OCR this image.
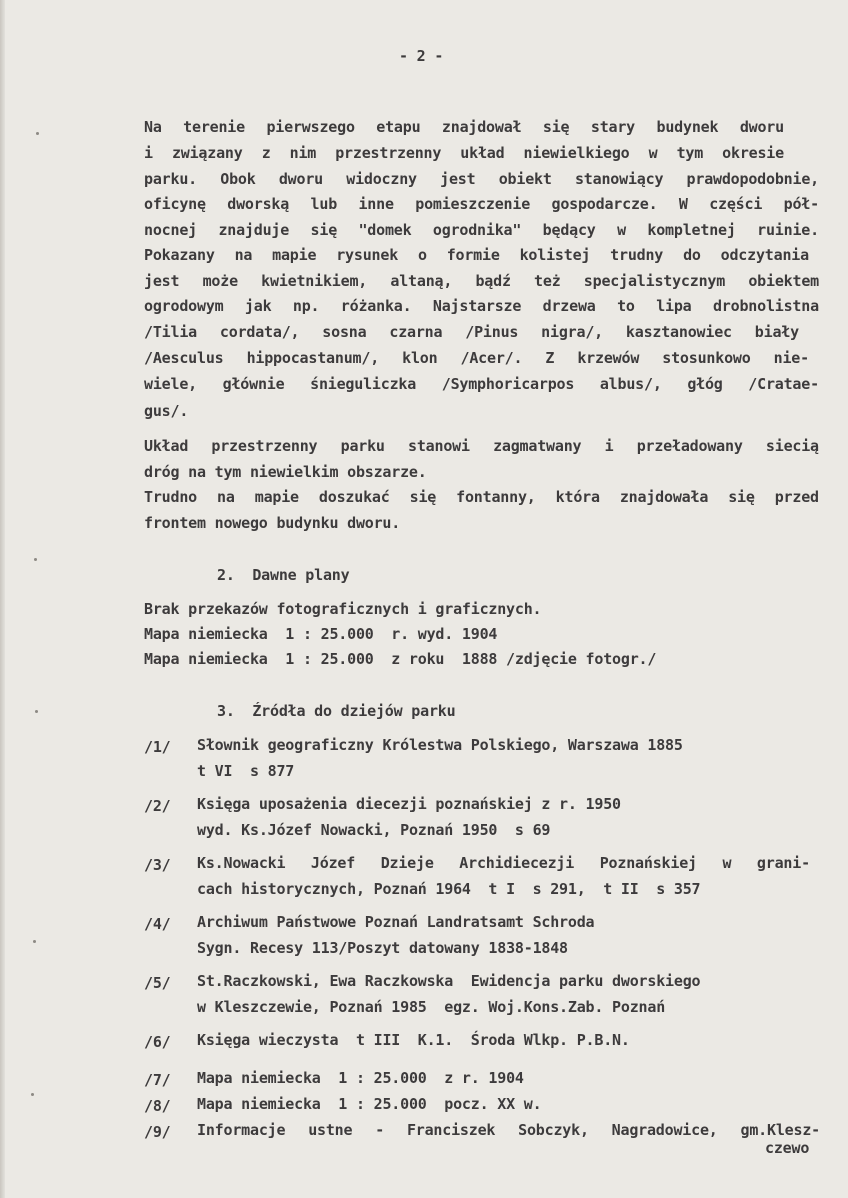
- 2 -
Na terenie pierwszego etapu znajdował się stary budynek dworu
i związany z nim przestrzenny układ niewielkiego w tym okresie
parku. Obok dworu widoczny jest obiekt stanowiący prawdopodobnie,
oficynę dworską lub inne pomieszczenie gospodarcze. W części pół-
nocnej znajduje się "domek ogrodnika" będący w kompletnej ruinie.
Pokazany na mapie rysunek o formie kolistej trudny do odczytania
jest może kwietnikiem, altaną, bądź też specjalistycznym obiektem
ogrodowym jak np. różanka. Najstarsze drzewa to lipa drobnolistna
/Tilia cordata/, sosna czarna /Pinus nigra/, kasztanowiec biały
/Aesculus hippocastanum/, klon /Acer/. Z krzewów stosunkowo nie-
wiele, głównie śnieguliczka /Symphoricarpos albus/, głóg /Cratae-
gus/.
Układ przestrzenny parku stanowi zagmatwany i przeładowany siecią
dróg na tym niewielkim obszarze.
Trudno na mapie doszukać się fontanny, która znajdowała się przed
frontem nowego budynku dworu.
2.  Dawne plany
Brak przekazów fotograficznych i graficznych.
Mapa niemiecka  1 : 25.000  r. wyd. 1904
Mapa niemiecka  1 : 25.000  z roku  1888 /zdjęcie fotogr./
3.  Źródła do dziejów parku
/1/ Słownik geograficzny Królestwa Polskiego, Warszawa 1885
t VI  s 877
/2/ Księga uposażenia diecezji poznańskiej z r. 1950
wyd. Ks.Józef Nowacki, Poznań 1950  s 69
/3/ Ks.Nowacki Józef Dzieje Archidiecezji Poznańskiej w grani-
cach historycznych, Poznań 1964  t I  s 291,  t II  s 357
/4/ Archiwum Państwowe Poznań Landratsamt Schroda
Sygn. Recesy 113/Poszyt datowany 1838-1848
/5/ St.Raczkowski, Ewa Raczkowska  Ewidencja parku dworskiego
w Kleszczewie, Poznań 1985  egz. Woj.Kons.Zab. Poznań
/6/ Księga wieczysta  t III  K.1.  Środa Wlkp. P.B.N.
/7/ Mapa niemiecka  1 : 25.000  z r. 1904
/8/ Mapa niemiecka  1 : 25.000  pocz. XX w.
/9/ Informacje ustne - Franciszek Sobczyk, Nagradowice, gm.Klesz-
czewo
